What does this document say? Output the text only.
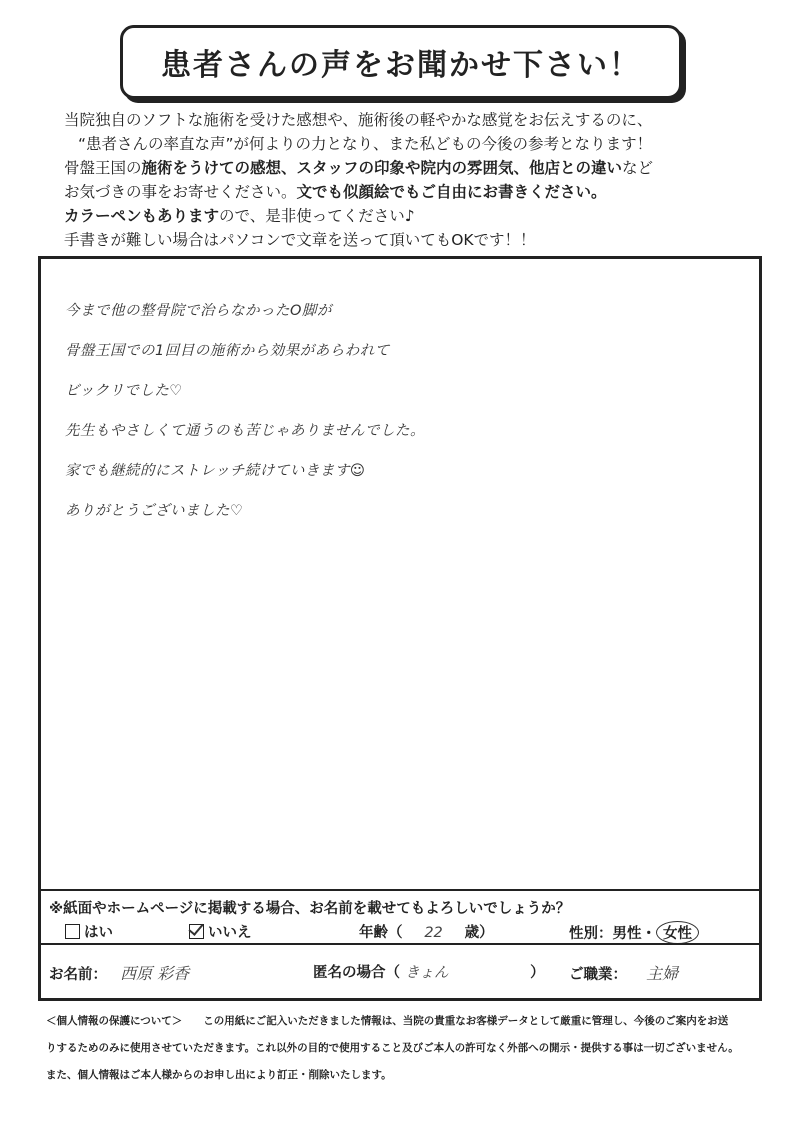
患者さんの声をお聞かせ下さい！
当院独自のソフトな施術を受けた感想や、施術後の軽やかな感覚をお伝えするのに、
“患者さんの率直な声”が何よりの力となり、また私どもの今後の参考となります！
骨盤王国の施術をうけての感想、スタッフの印象や院内の雰囲気、他店との違いなど
お気づきの事をお寄せください。文でも似顔絵でもご自由にお書きください。
カラーペンもありますので、是非使ってください♪
手書きが難しい場合はパソコンで文章を送って頂いてもOKです！！
今まで他の整骨院で治らなかったO脚が
骨盤王国での1回目の施術から効果があらわれて
ビックリでした♡
先生もやさしくて通うのも苦じゃありませんでした。
家でも継続的にストレッチ続けていきます☺
ありがとうございました♡
※紙面やホームページに掲載する場合、お名前を載せてもよろしいでしょうか？
はい	いいえ	年齢（ 22 歳）	性別：男性・ 女性
お名前： 西原 彩香	匿名の場合（ きょん	） ご職業： 主婦
＜個人情報の保護について＞　　この用紙にご記入いただきました情報は、当院の貴重なお客様データとして厳重に管理し、今後のご案内をお送
りするためのみに使用させていただきます。これ以外の目的で使用すること及びご本人の許可なく外部への開示・提供する事は一切ございません。
また、個人情報はご本人様からのお申し出により訂正・削除いたします。
